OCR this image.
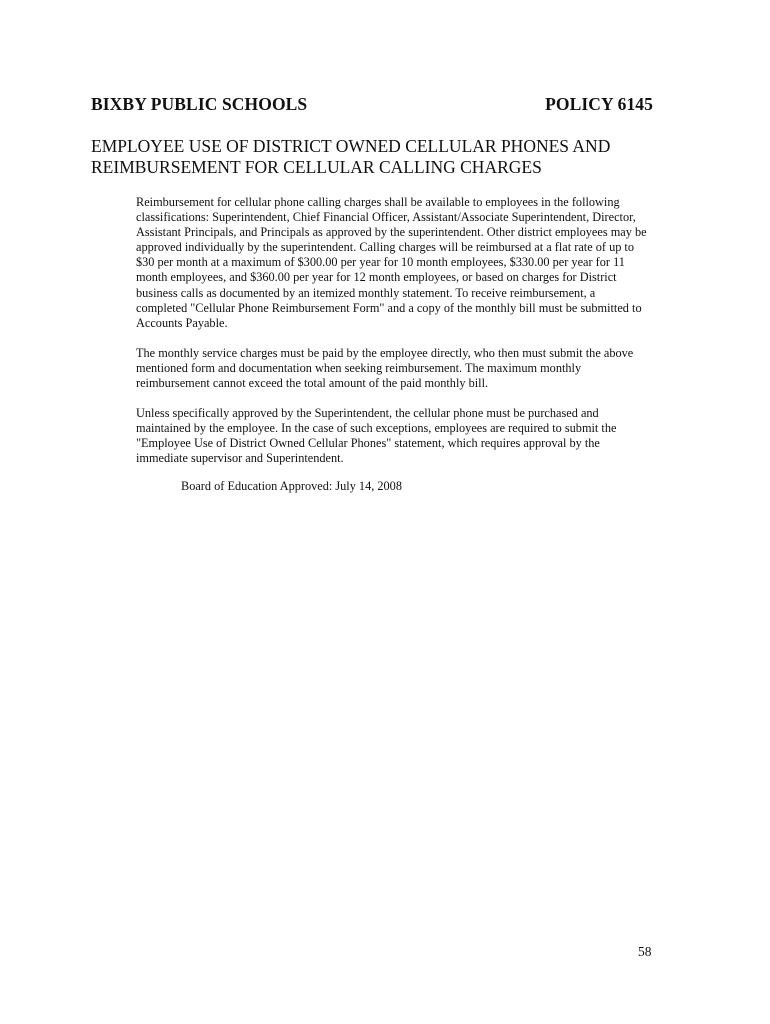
BIXBY PUBLIC SCHOOLS	POLICY 6145
EMPLOYEE USE OF DISTRICT OWNED CELLULAR PHONES AND
REIMBURSEMENT FOR CELLULAR CALLING CHARGES

Reimbursement for cellular phone calling charges shall be available to employees in the following
classifications: Superintendent, Chief Financial Officer, Assistant/Associate Superintendent, Director,
Assistant Principals, and Principals as approved by the superintendent. Other district employees may be
approved individually by the superintendent. Calling charges will be reimbursed at a flat rate of up to
$30 per month at a maximum of $300.00 per year for 10 month employees, $330.00 per year for 11
month employees, and $360.00 per year for 12 month employees, or based on charges for District
business calls as documented by an itemized monthly statement. To receive reimbursement, a
completed "Cellular Phone Reimbursement Form" and a copy of the monthly bill must be submitted to
Accounts Payable.

The monthly service charges must be paid by the employee directly, who then must submit the above
mentioned form and documentation when seeking reimbursement. The maximum monthly
reimbursement cannot exceed the total amount of the paid monthly bill.

Unless specifically approved by the Superintendent, the cellular phone must be purchased and
maintained by the employee. In the case of such exceptions, employees are required to submit the
"Employee Use of District Owned Cellular Phones" statement, which requires approval by the
immediate supervisor and Superintendent.

Board of Education Approved: July 14, 2008
58
